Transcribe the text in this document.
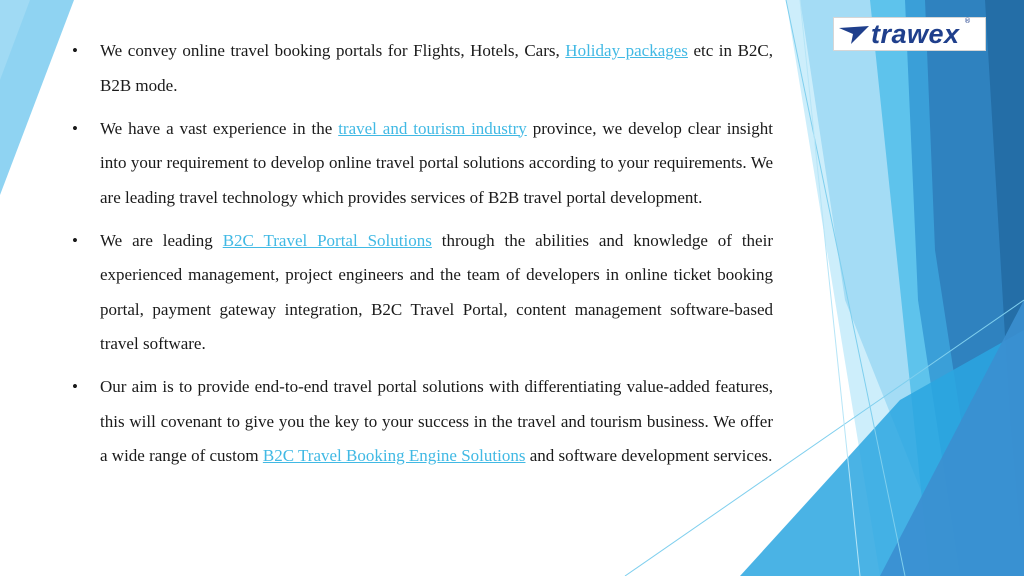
trawex ®
• We convey online travel booking portals for Flights, Hotels, Cars, Holiday packages etc in B2C, B2B mode.
• We have a vast experience in the travel and tourism industry province, we develop clear insight into your requirement to develop online travel portal solutions according to your requirements. We are leading travel technology which provides services of B2B travel portal development.
• We are leading B2C Travel Portal Solutions through the abilities and knowledge of their experienced management, project engineers and the team of developers in online ticket booking portal, payment gateway integration, B2C Travel Portal, content management software-based travel software.
• Our aim is to provide end-to-end travel portal solutions with differentiating value-added features, this will covenant to give you the key to your success in the travel and tourism business. We offer a wide range of custom B2C Travel Booking Engine Solutions and software development services.
